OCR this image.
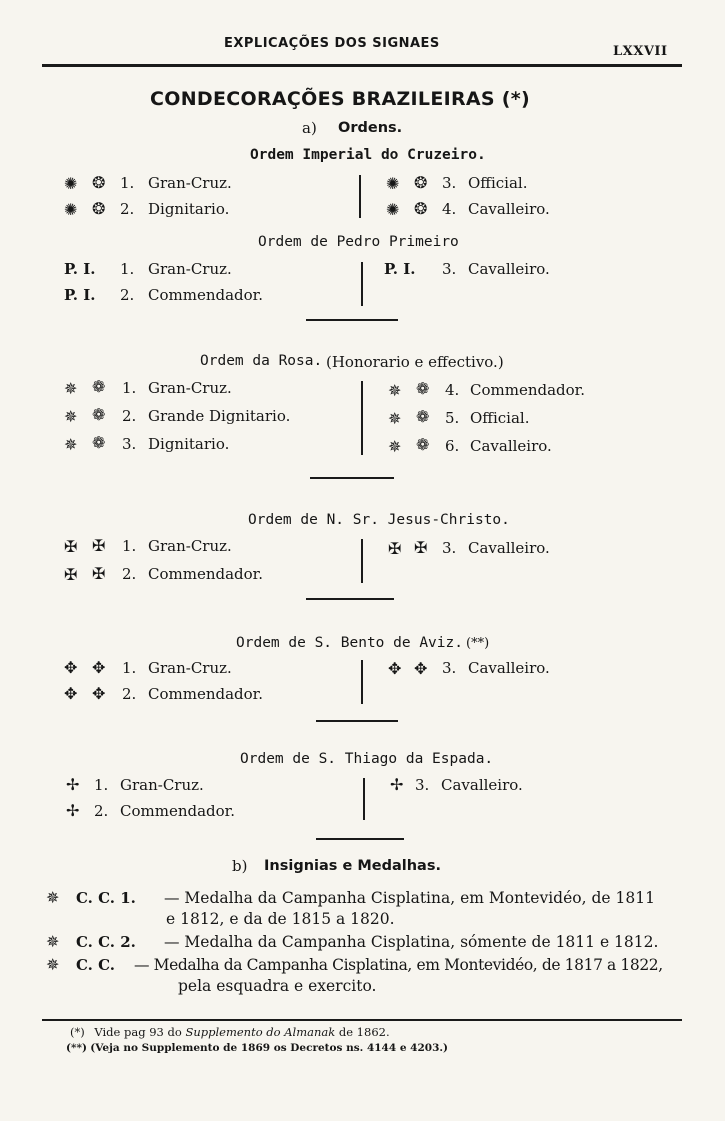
EXPLICAÇÕES DOS SIGNAES
LXXVII
CONDECORAÇÕES BRAZILEIRAS (*)
a) Ordens.
Ordem Imperial do Cruzeiro.
✺ ❂ 1. Gran-Cruz.
✺ ❂ 2. Dignitario.
✺ ❂ 3. Official.
✺ ❂ 4. Cavalleiro.
Ordem de Pedro Primeiro
P. I. 1. Gran-Cruz.
P. I. 2. Commendador.
P. I. 3. Cavalleiro.
Ordem da Rosa. (Honorario e effectivo.)
✵ ❁ 1. Gran-Cruz.
✵ ❁ 2. Grande Dignitario.
✵ ❁ 3. Dignitario.
✵ ❁ 4. Commendador.
✵ ❁ 5. Official.
✵ ❁ 6. Cavalleiro.
Ordem de N. Sr. Jesus-Christo.
✠ ✠ 1. Gran-Cruz.
✠ ✠ 2. Commendador.
✠ ✠ 3. Cavalleiro.
Ordem de S. Bento de Aviz. (**)
✥ ✥ 1. Gran-Cruz.
✥ ✥ 2. Commendador.
✥ ✥ 3. Cavalleiro.
Ordem de S. Thiago da Espada.
✢ 1. Gran-Cruz.
✢ 2. Commendador.
✢ 3. Cavalleiro.
b) Insignias e Medalhas.
✵ C. C. 1. — Medalha da Campanha Cisplatina, em Montevidéo, de 1811
e 1812, e da de 1815 a 1820.
✵ C. C. 2. — Medalha da Campanha Cisplatina, sómente de 1811 e 1812.
✵ C. C. — Medalha da Campanha Cisplatina, em Montevidéo, de 1817 a 1822,
pela esquadra e exercito.
(*) Vide pag 93 do Supplemento do Almanak de 1862.
(**) (Veja no Supplemento de 1869 os Decretos ns. 4144 e 4203.)
